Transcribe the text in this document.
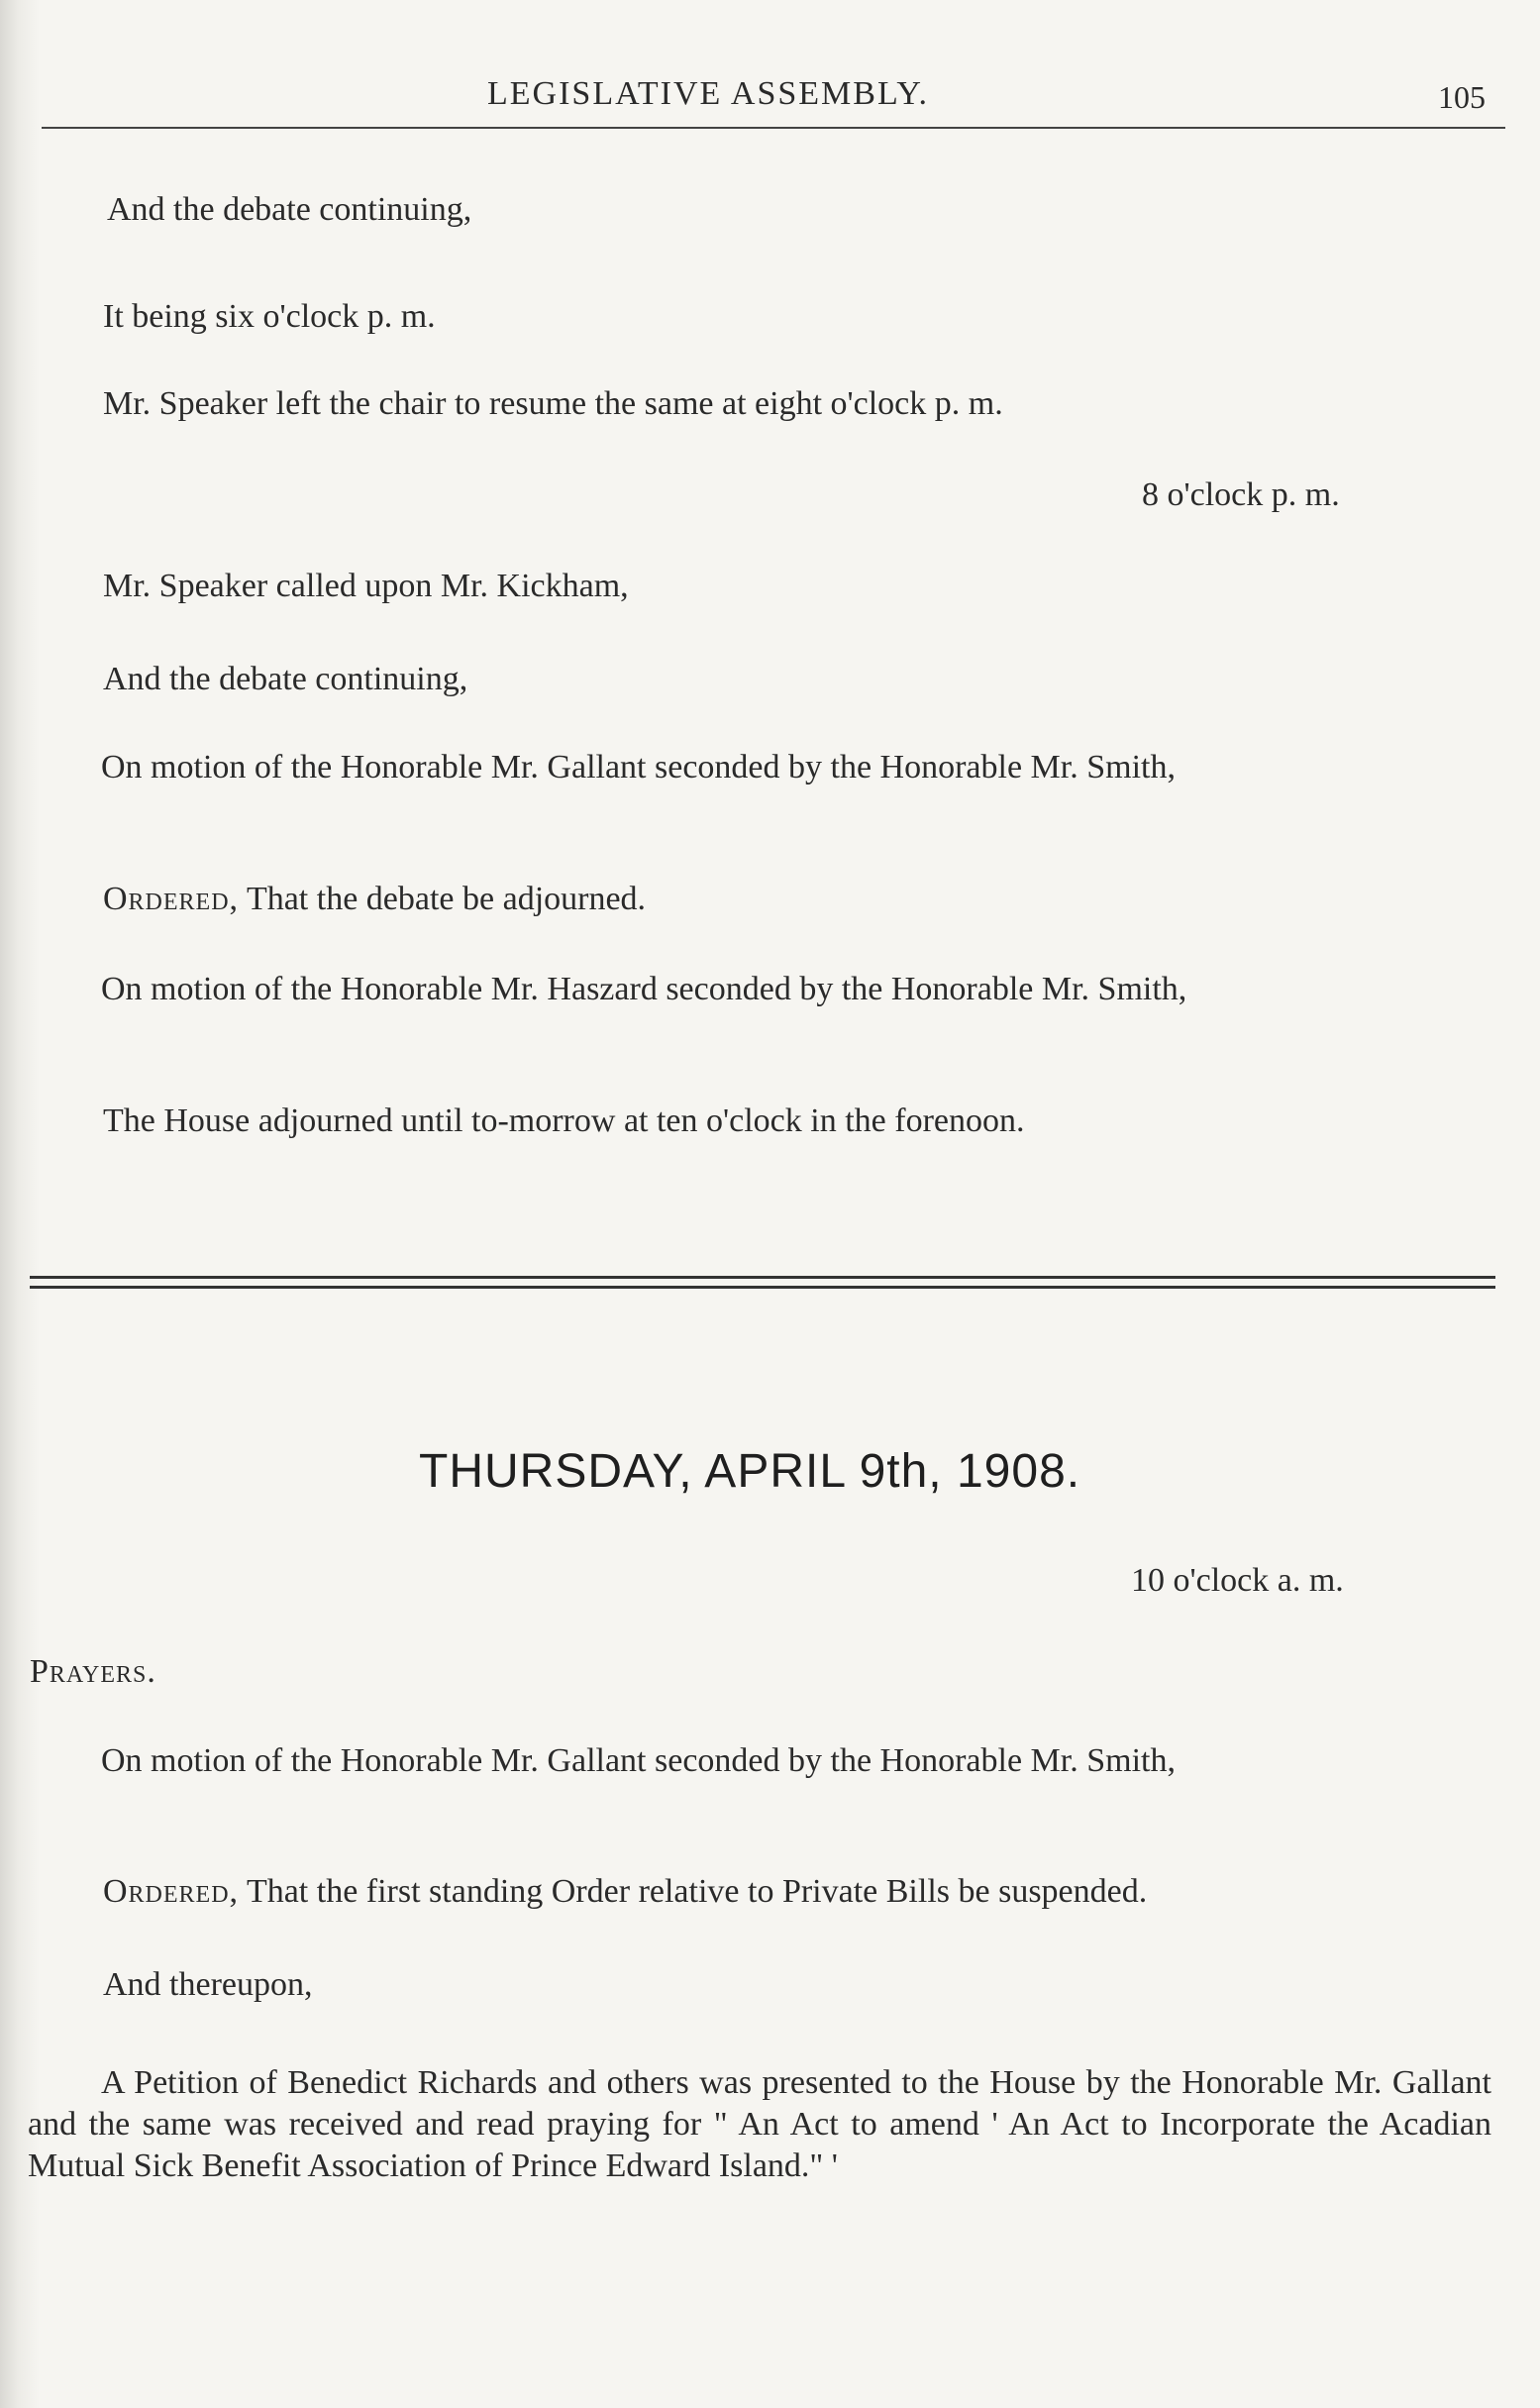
LEGISLATIVE ASSEMBLY.	105
And the debate continuing,
It being six o'clock p. m.
Mr. Speaker left the chair to resume the same at eight o'clock p. m.
8 o'clock p. m.
Mr. Speaker called upon Mr. Kickham,
And the debate continuing,
On motion of the Honorable Mr. Gallant seconded by the Honorable Mr. Smith,
Ordered, That the debate be adjourned.
On motion of the Honorable Mr. Haszard seconded by the Honorable Mr. Smith,
The House adjourned until to-morrow at ten o'clock in the forenoon.
THURSDAY, APRIL 9th, 1908.
10 o'clock a. m.
Prayers.
On motion of the Honorable Mr. Gallant seconded by the Honorable Mr. Smith,
Ordered, That the first standing Order relative to Private Bills be suspended.
And thereupon,
A Petition of Benedict Richards and others was presented to the House by the Honorable Mr. Gallant and the same was received and read praying for " An Act to amend ' An Act to Incorporate the Acadian Mutual Sick Benefit Association of Prince Edward Island." '
